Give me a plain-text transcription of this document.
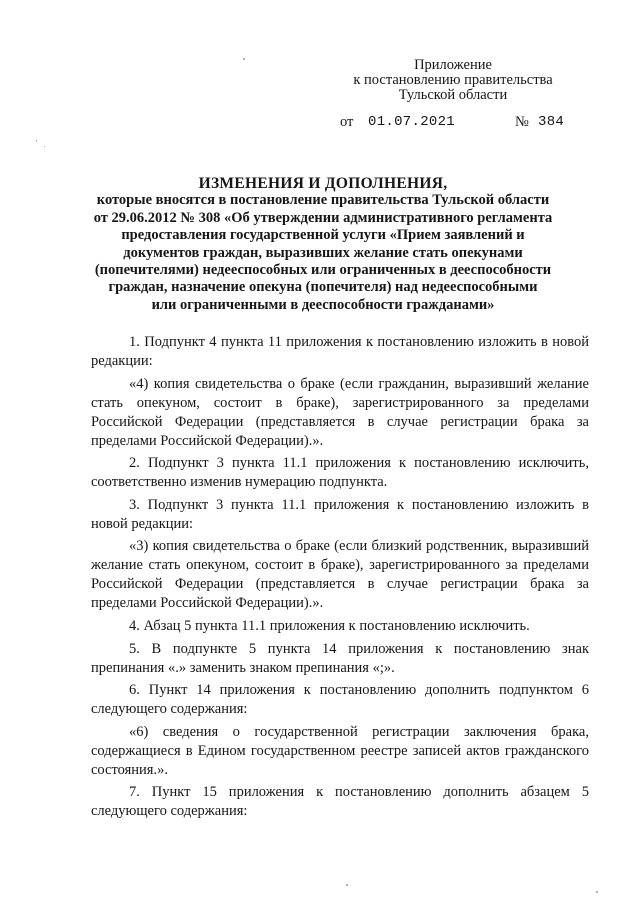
Приложение
к постановлению правительства
Тульской области
от 01.07.2021	№ 384
ИЗМЕНЕНИЯ И ДОПОЛНЕНИЯ,
которые вносятся в постановление правительства Тульской области
от 29.06.2012 № 308 «Об утверждении административного регламента
предоставления государственной услуги «Прием заявлений и
документов граждан, выразивших желание стать опекунами
(попечителями) недееспособных или ограниченных в дееспособности
граждан, назначение опекуна (попечителя) над недееспособными
или ограниченными в дееспособности гражданами»

1. Подпункт 4 пункта 11 приложения к постановлению изложить в новой редакции:

«4) копия свидетельства о браке (если гражданин, выразивший желание стать опекуном, состоит в браке), зарегистрированного за пределами Российской Федерации (представляется в случае регистрации брака за пределами Российской Федерации).».

2. Подпункт 3 пункта 11.1 приложения к постановлению исключить, соответственно изменив нумерацию подпункта.

3. Подпункт 3 пункта 11.1 приложения к постановлению изложить в новой редакции:

«3) копия свидетельства о браке (если близкий родственник, выразивший желание стать опекуном, состоит в браке), зарегистрированного за пределами Российской Федерации (представляется в случае регистрации брака за пределами Российской Федерации).».

4. Абзац 5 пункта 11.1 приложения к постановлению исключить.

5. В подпункте 5 пункта 14 приложения к постановлению знак препинания «.» заменить знаком препинания «;».

6. Пункт 14 приложения к постановлению дополнить подпунктом 6 следующего содержания:

«6) сведения о государственной регистрации заключения брака, содержащиеся в Едином государственном реестре записей актов гражданского состояния.».

7. Пункт 15 приложения к постановлению дополнить абзацем 5 следующего содержания:
